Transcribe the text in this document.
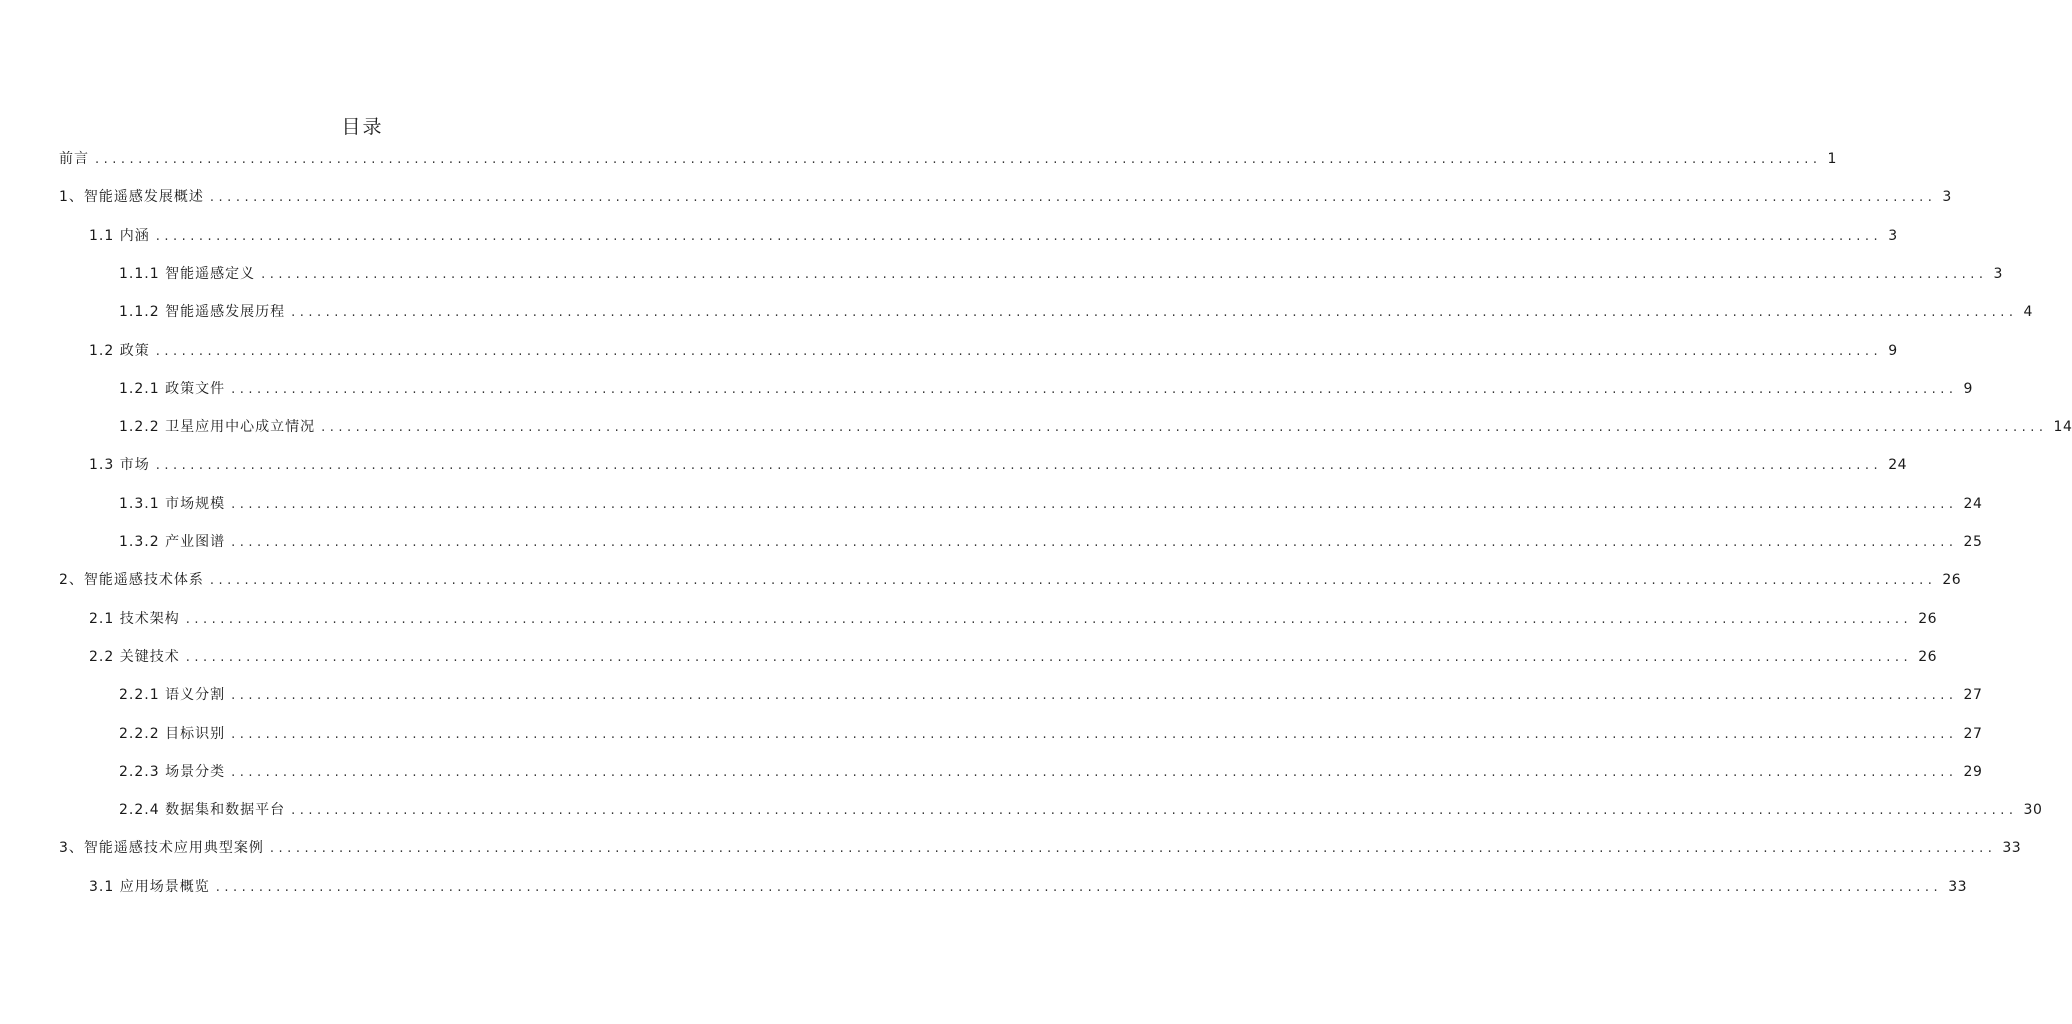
目录
前言 ........................................................................................................................................................................................................ 1
1、智能遥感发展概述 ........................................................................................................................................................................................................ 3
1.1 内涵 ........................................................................................................................................................................................................ 3
1.1.1 智能遥感定义 ........................................................................................................................................................................................................ 3
1.1.2 智能遥感发展历程 ........................................................................................................................................................................................................ 4
1.2 政策 ........................................................................................................................................................................................................ 9
1.2.1 政策文件 ........................................................................................................................................................................................................ 9
1.2.2 卫星应用中心成立情况 ........................................................................................................................................................................................................ 14
1.3 市场 ........................................................................................................................................................................................................ 24
1.3.1 市场规模 ........................................................................................................................................................................................................ 24
1.3.2 产业图谱 ........................................................................................................................................................................................................ 25
2、智能遥感技术体系 ........................................................................................................................................................................................................ 26
2.1 技术架构 ........................................................................................................................................................................................................ 26
2.2 关键技术 ........................................................................................................................................................................................................ 26
2.2.1 语义分割 ........................................................................................................................................................................................................ 27
2.2.2 目标识别 ........................................................................................................................................................................................................ 27
2.2.3 场景分类 ........................................................................................................................................................................................................ 29
2.2.4 数据集和数据平台 ........................................................................................................................................................................................................ 30
3、智能遥感技术应用典型案例 ........................................................................................................................................................................................................ 33
3.1 应用场景概览 ........................................................................................................................................................................................................ 33
